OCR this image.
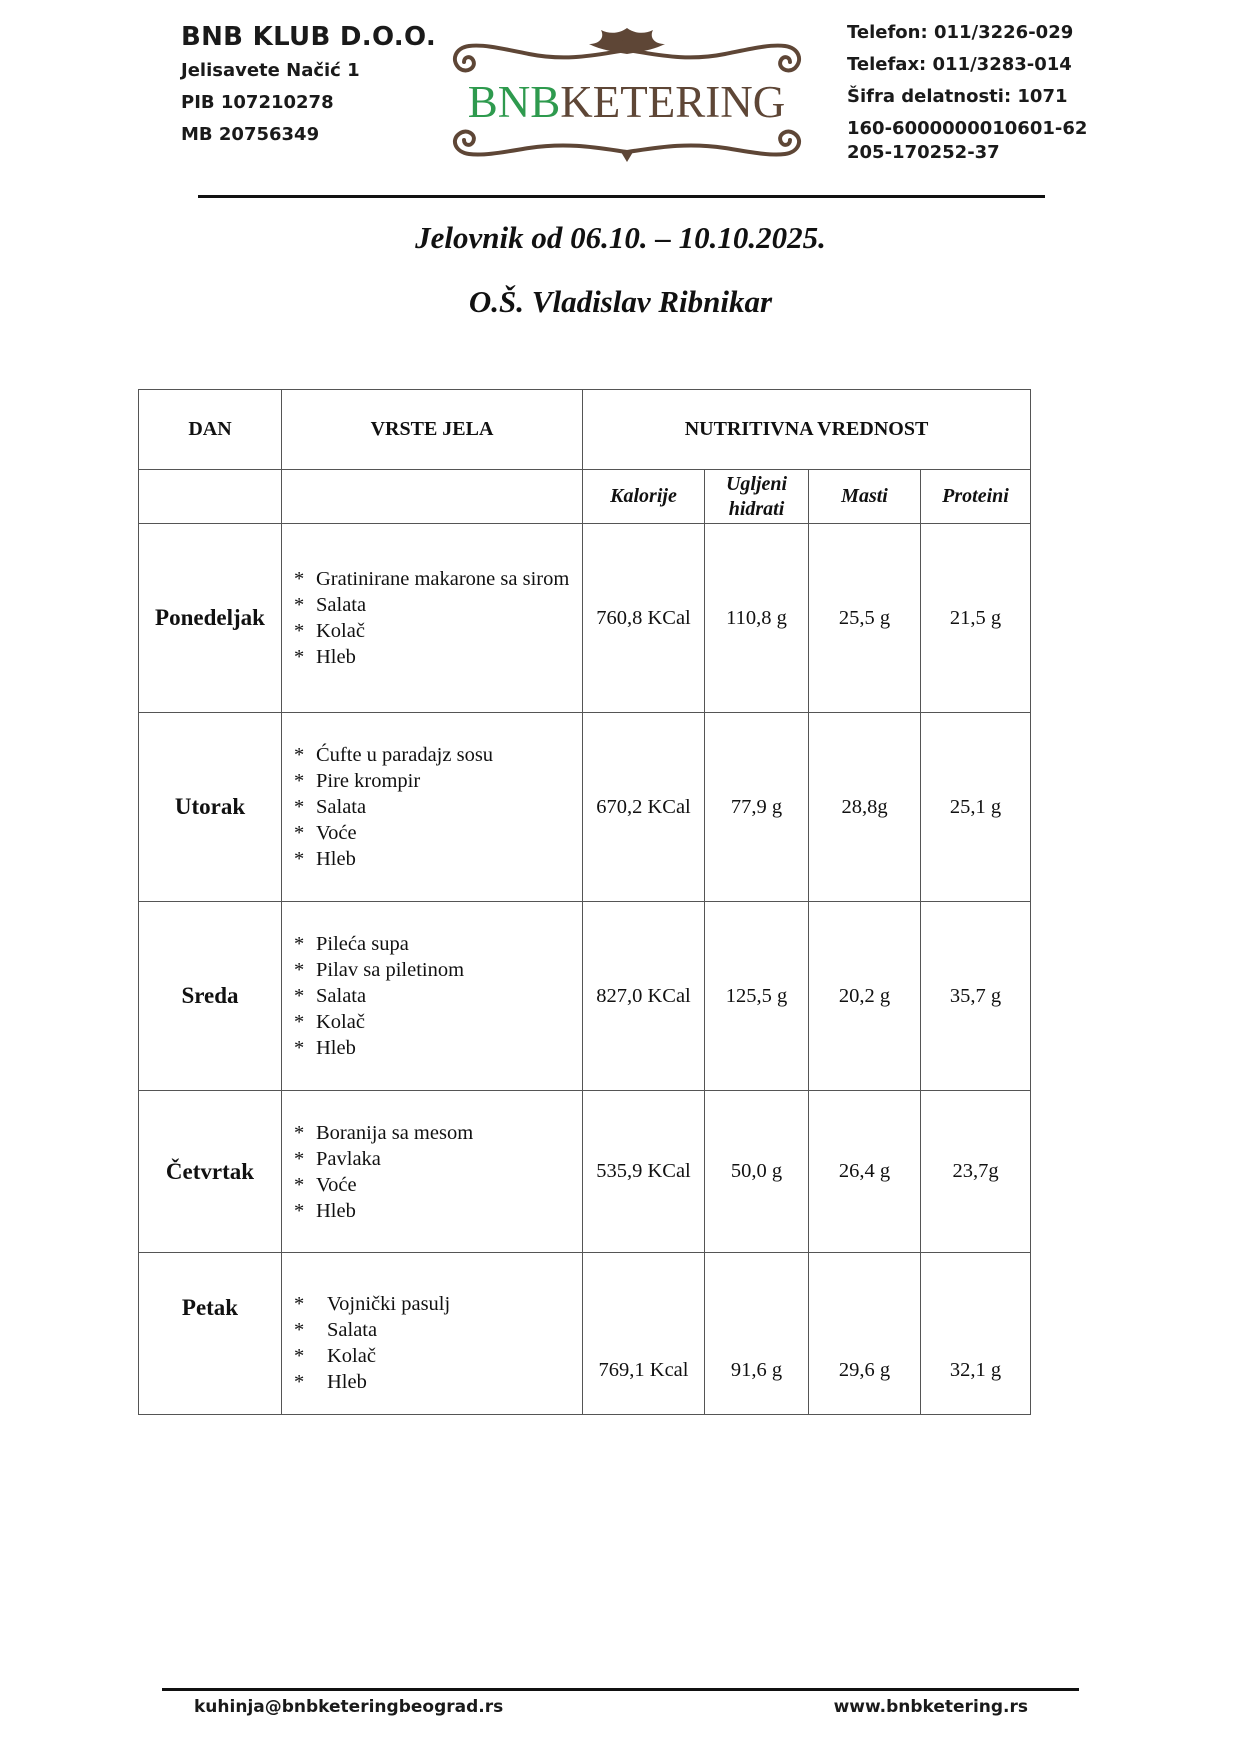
BNB KLUB D.O.O.
Jelisavete Načić 1
PIB 107210278
MB 20756349
BNBKETERING
Telefon: 011/3226-029
Telefax: 011/3283-014
Šifra delatnosti: 1071
160-6000000010601-62
205-170252-37
Jelovnik od 06.10. – 10.10.2025.
O.Š. Vladislav Ribnikar
DAN	VRSTE JELA	NUTRITIVNA VREDNOST			
		Kalorije	Ugljeni hidrati	Masti	Proteini
Ponedeljak	* Gratinirane makarone sa sirom
* Salata
* Kolač
* Hleb	760,8 KCal	110,8 g	25,5 g	21,5 g
Utorak	* Ćufte u paradajz sosu
* Pire krompir
* Salata
* Voće
* Hleb	670,2 KCal	77,9 g	28,8g	25,1 g
Sreda	* Pileća supa
* Pilav sa piletinom
* Salata
* Kolač
* Hleb	827,0 KCal	125,5 g	20,2 g	35,7 g
Četvrtak	* Boranija sa mesom
* Pavlaka
* Voće
* Hleb	535,9 KCal	50,0 g	26,4 g	23,7g
Petak	* Vojnički pasulj
* Salata
* Kolač
* Hleb	769,1 Kcal	91,6 g	29,6 g	32,1 g
kuhinja@bnbketeringbeograd.rs	www.bnbketering.rs
